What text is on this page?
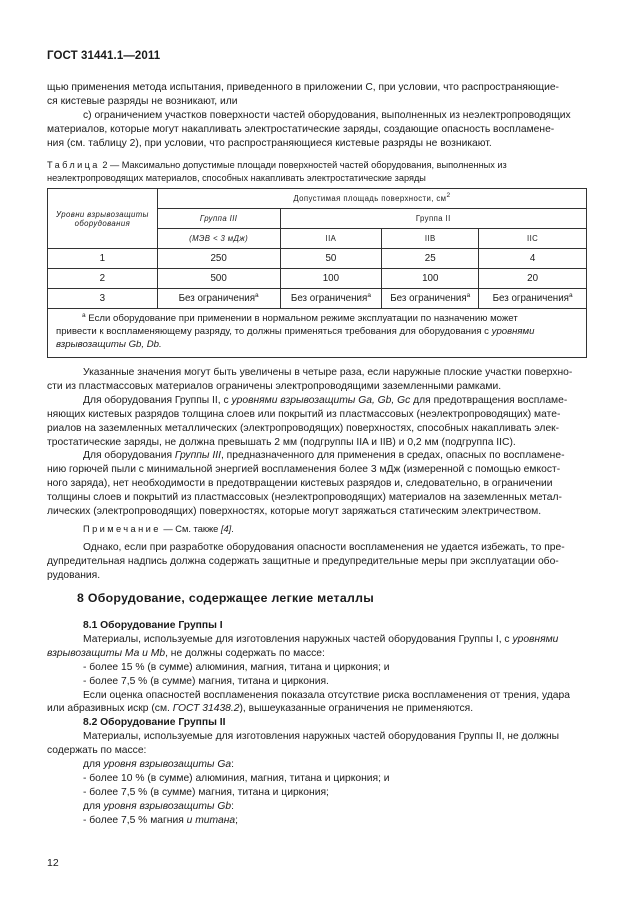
ГОСТ 31441.1—2011

щью применения метода испытания, приведенного в приложении С, при условии, что распространяющие-

ся кистевые разряды не возникают, или

с) ограничением участков поверхности частей оборудования, выполненных из неэлектропроводящих

материалов, которые могут накапливать электростатические заряды, создающие опасность воспламене-

ния (см. таблицу 2), при условии, что распространяющиеся кистевые разряды не возникают.

Таблица 2 — Максимально допустимые площади поверхностей частей оборудования, выполненных из

неэлектропроводящих материалов, способных накапливать электростатические заряды

Уровни взрывозащиты оборудования	Допустимая площадь поверхности, $см^2$
	Группа III	Группа II		
	(МЭВ < 3 мДж)	IIA	IIB	IIC
1	250	50	25	4
2	500	100	100	20
3	Без ограничения$^а$	Без ограничения$^а$	Без ограничения$^а$	Без ограничения$^а$

$^а$ Если оборудование при применении в нормальном режиме эксплуатации по назначению может
привести к воспламеняющему разряду, то должны применяться требования для оборудования с уровнями
взрывозащиты Gb, Db.				

Указанные значения могут быть увеличены в четыре раза, если наружные плоские участки поверхно-

сти из пластмассовых материалов ограничены электропроводящими заземленными рамками.

Для оборудования Группы II, с уровнями взрывозащиты Ga, Gb, Gc для предотвращения воспламе-

няющих кистевых разрядов толщина слоев или покрытий из пластмассовых (неэлектропроводящих) мате-

риалов на заземленных металлических (электропроводящих) поверхностях, способных накапливать элек-

тростатические заряды, не должна превышать 2 мм (подгруппы IIA и IIB) и 0,2 мм (подгруппа IIC).

Для оборудования Группы III, предназначенного для применения в средах, опасных по воспламене-

нию горючей пыли с минимальной энергией воспламенения более 3 мДж (измеренной с помощью емкост-

ного заряда), нет необходимости в предотвращении кистевых разрядов и, следовательно, в ограничении

толщины слоев и покрытий из пластмассовых (неэлектропроводящих) материалов на заземленных метал-

лических (электропроводящих) поверхностях, которые могут заряжаться статическим электричеством.

Примечание — См. также [4].

Однако, если при разработке оборудования опасности воспламенения не удается избежать, то пре-

дупредительная надпись должна содержать защитные и предупредительные меры при эксплуатации обо-

рудования.

8 Оборудование, содержащее легкие металлы

8.1 Оборудование Группы I

Материалы, используемые для изготовления наружных частей оборудования Группы I, с уровнями

взрывозащиты Ма и Mb, не должны содержать по массе:

- более 15 % (в сумме) алюминия, магния, титана и циркония; и

- более 7,5 % (в сумме) магния, титана и циркония.

Если оценка опасностей воспламенения показала отсутствие риска воспламенения от трения, удара

или абразивных искр (см. ГОСТ 31438.2), вышеуказанные ограничения не применяются.

8.2 Оборудование Группы II

Материалы, используемые для изготовления наружных частей оборудования Группы II, не должны

содержать по массе:

для уровня взрывозащиты Ga:

- более 10 % (в сумме) алюминия, магния, титана и циркония; и

- более 7,5 % (в сумме) магния, титана и циркония;

для уровня взрывозащиты Gb:

- более 7,5 % магния и титана;

12
